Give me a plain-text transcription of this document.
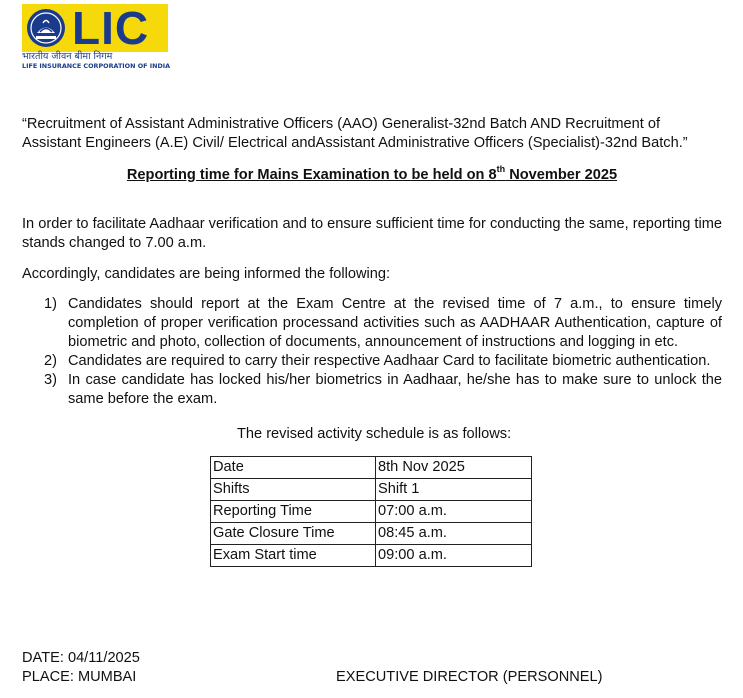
LIC
भारतीय जीवन बीमा निगम
LIFE INSURANCE CORPORATION OF INDIA
“Recruitment of Assistant Administrative Officers (AAO) Generalist-32nd Batch AND Recruitment of Assistant Engineers (A.E) Civil/ Electrical andAssistant Administrative Officers (Specialist)-32nd Batch.”
Reporting time for Mains Examination to be held on 8th November 2025
In order to facilitate Aadhaar verification and to ensure sufficient time for conducting the same, reporting time stands changed to 7.00 a.m.
Accordingly, candidates are being informed the following:
1) Candidates should report at the Exam Centre at the revised time of 7 a.m., to ensure timely completion of proper verification processand activities such as AADHAAR Authentication, capture of biometric and photo, collection of documents, announcement of instructions and logging in etc.
2) Candidates are required to carry their respective Aadhaar Card to facilitate biometric authentication.
3) In case candidate has locked his/her biometrics in Aadhaar, he/she has to make sure to unlock the same before the exam.
The revised activity schedule is as follows:
Date	8th Nov 2025
Shifts	Shift 1
Reporting Time	07:00 a.m.
Gate Closure Time	08:45 a.m.
Exam Start time	09:00 a.m.
DATE: 04/11/2025
PLACE: MUMBAI	EXECUTIVE DIRECTOR (PERSONNEL)
